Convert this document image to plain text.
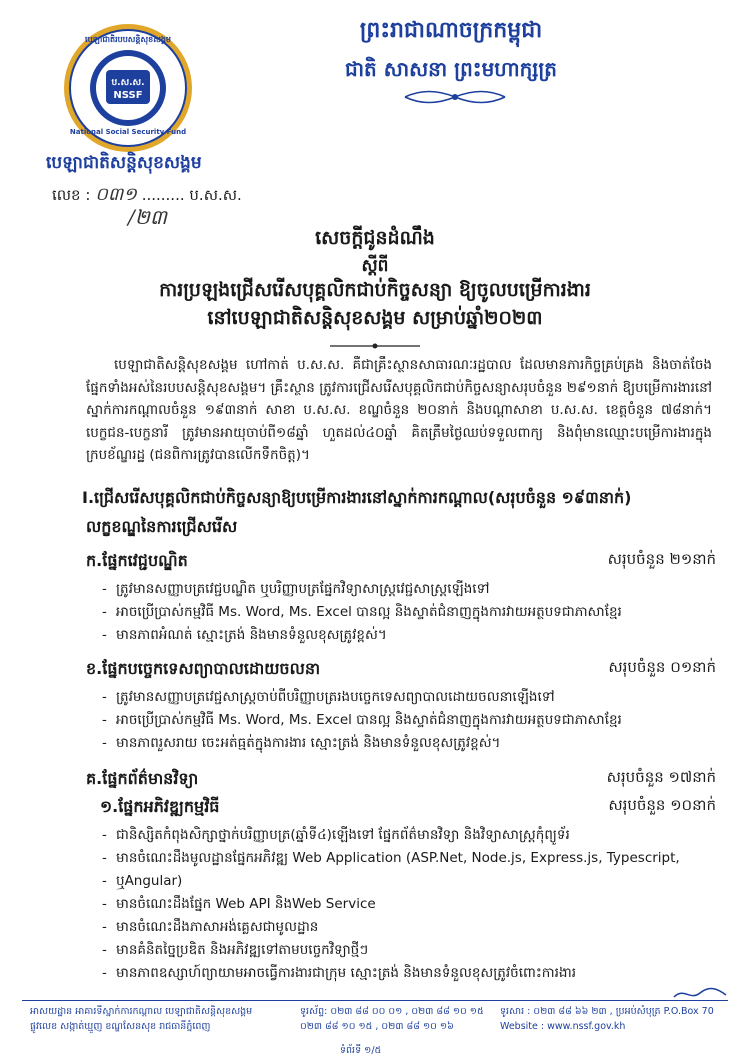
ព្រះរាជាណាចក្រកម្ពុជា
ជាតិ សាសនា ព្រះមហាក្សត្រ
ប.ស.ស.
NSSF
បេឡាជាតិរបបសន្តិសុខសង្គម
National Social Security Fund
បេឡាជាតិសន្តិសុខសង្គម
លេខ : ០៣១ ......... ប.ស.ស.
/២៣
សេចក្តីជូនដំណឹង
ស្តីពី
ការប្រឡងជ្រើសរើសបុគ្គលិកជាប់កិច្ចសន្យា ឱ្យចូលបម្រើការងារ
នៅបេឡាជាតិសន្តិសុខសង្គម សម្រាប់ឆ្នាំ២០២៣

បេឡាជាតិសន្តិសុខសង្គម ហៅកាត់ ប.ស.ស. គឺជាគ្រឹះស្ថានសាធារណៈរដ្ឋបាល ដែលមានភារកិច្ចគ្រប់គ្រង និងចាត់ចែងផ្នែកទាំងអស់នៃរបបសន្តិសុខសង្គម។ គ្រឹះស្ថាន ត្រូវការជ្រើសរើសបុគ្គលិកជាប់កិច្ចសន្យាសរុបចំនួន ២៩១នាក់ ឱ្យបម្រើការងារនៅស្នាក់ការកណ្តាលចំនួន ១៩៣នាក់ សាខា ប.ស.ស. ខណ្ឌចំនួន ២០នាក់ និងបណ្តាសាខា ប.ស.ស. ខេត្តចំនួន ៧៨នាក់។ បេក្ខជន-បេក្ខនារី ត្រូវមានអាយុចាប់ពី១៨ឆ្នាំ ហួតដល់៤០ឆ្នាំ គិតត្រឹមថ្ងៃឈប់ទទួលពាក្យ និងពុំមានឈ្មោះបម្រើការងារក្នុងក្របខ័ណ្ឌរដ្ឋ (ជនពិការត្រូវបានលើកទឹកចិត្ត)។

I.ជ្រើសរើសបុគ្គលិកជាប់កិច្ចសន្យាឱ្យបម្រើការងារនៅស្នាក់ការកណ្តាល(សរុបចំនួន ១៩៣នាក់)
លក្ខខណ្ឌនៃការជ្រើសរើស
ក.ផ្នែកវេជ្ជបណ្ឌិត	សរុបចំនួន ២១នាក់
- ត្រូវមានសញ្ញាបត្រវេជ្ជបណ្ឌិត ឬបរិញ្ញាបត្រផ្នែកវិទ្យាសាស្ត្រវេជ្ជសាស្ត្រឡើងទៅ
- អាចប្រើប្រាស់កម្មវិធី Ms. Word, Ms. Excel បានល្អ និងស្ទាត់ជំនាញក្នុងការវាយអត្ថបទជាភាសាខ្មែរ
- មានភាពអំណត់ ស្មោះត្រង់ និងមានទំនួលខុសត្រូវខ្ពស់។
ខ.ផ្នែកបច្ចេកទេសព្យាបាលដោយចលនា	សរុបចំនួន ០១នាក់
- ត្រូវមានសញ្ញាបត្រវេជ្ជសាស្ត្រចាប់ពីបរិញ្ញាបត្ររងបច្ចេកទេសព្យាបាលដោយចលនាឡើងទៅ
- អាចប្រើប្រាស់កម្មវិធី Ms. Word, Ms. Excel បានល្អ និងស្ទាត់ជំនាញក្នុងការវាយអត្ថបទជាភាសាខ្មែរ
- មានភាពរួសរាយ ចេះអត់ធ្មត់ក្នុងការងារ ស្មោះត្រង់ និងមានទំនួលខុសត្រូវខ្ពស់។
គ.ផ្នែកព័ត៌មានវិទ្យា	សរុបចំនួន ១៧នាក់
១.ផ្នែកអភិវឌ្ឍកម្មវិធី	សរុបចំនួន ១០នាក់
- ជានិស្សិតកំពុងសិក្សាថ្នាក់បរិញ្ញាបត្រ(ឆ្នាំទី៤)ឡើងទៅ ផ្នែកព័ត៌មានវិទ្យា និងវិទ្យាសាស្ត្រកុំព្យូទ័រ
- មានចំណេះដឹងមូលដ្ឋានផ្នែកអភិវឌ្ឍ Web Application (ASP.Net, Node.js, Express.js, Typescript,
- ឬAngular)
- មានចំណេះដឹងផ្នែក Web API និងWeb Service
- មានចំណេះដឹងភាសាអង់គ្លេសជាមូលដ្ឋាន
- មានគំនិតច្នៃប្រឌិត និងអភិវឌ្ឍទៅតាមបច្ចេកវិទ្យាថ្មីៗ
- មានភាពឧស្សាហ៍ព្យាយាមអាចធ្វើការងារជាក្រុម ស្មោះត្រង់ និងមានទំនួលខុសត្រូវចំពោះការងារ
អាសយដ្ឋាន អាគារទីស្នាក់ការកណ្តាល បេឡាជាតិសន្តិសុខសង្គម
ផ្លូវលេខ សង្កាត់ឃ្មួញ ខណ្ឌសែនសុខ រាជធានីភ្នំពេញ
ទូរស័ព្ទ: ០២៣ ៨៨ ០០ ០១ , ០២៣ ៨៨ ១០ ១៥
០២៣ ៨៨ ១០ ១៥ , ០២៣ ៨៨ ១០ ១៦
ទូរសារ : ០២៣ ៨៨ ៦៦ ២៣ , ប្រអប់សំបុត្រ P.O.Box 70
Website : www.nssf.gov.kh
ទំព័រទី ១/៥
